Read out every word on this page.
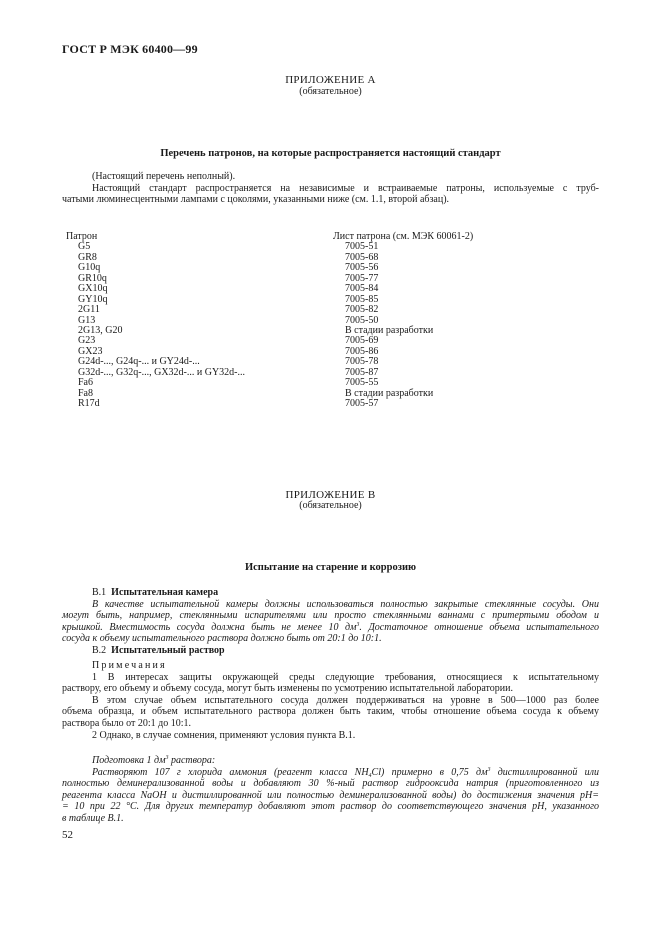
ГОСТ Р МЭК 60400—99
ПРИЛОЖЕНИЕ А
(обязательное)
Перечень патронов, на которые распространяется настоящий стандарт
(Настоящий перечень неполный).
Настоящий стандарт распространяется на независимые и встраиваемые патроны, используемые с труб-
чатыми люминесцентными лампами с цоколями, указанными ниже (см. 1.1, второй абзац).
Патрон
G5
GR8
G10q
GR10q
GX10q
GY10q
2G11
G13
2G13, G20
G23
GX23
G24d-..., G24q-... и GY24d-...
G32d-..., G32q-..., GX32d-... и GY32d-...
Fa6
Fa8
R17d
Лист патрона (см. МЭК 60061-2)
7005-51
7005-68
7005-56
7005-77
7005-84
7005-85
7005-82
7005-50
В стадии разработки
7005-69
7005-86
7005-78
7005-87
7005-55
В стадии разработки
7005-57
ПРИЛОЖЕНИЕ В
(обязательное)
Испытание на старение и коррозию
В.1 Испытательная камера
В качестве испытательной камеры должны использоваться полностью закрытые стеклянные сосуды. Они
могут быть, например, стеклянными испарителями или просто стеклянными ваннами с притертыми ободом и
крышкой. Вместимость сосуда должна быть не менее 10 $дм^3$. Достаточное отношение объема испытательного
сосуда к объему испытательного раствора должно быть от 20:1 до 10:1.
В.2 Испытательный раствор
Примечания
1 В интересах защиты окружающей среды следующие требования, относящиеся к испытательному
раствору, его объему и объему сосуда, могут быть изменены по усмотрению испытательной лаборатории.
В этом случае объем испытательного сосуда должен поддерживаться на уровне в 500—1000 раз более
объема образца, и объем испытательного раствора должен быть таким, чтобы отношение объема сосуда к объему
раствора было от 20:1 до 10:1.
2 Однако, в случае сомнения, применяют условия пункта В.1.
Подготовка 1 $дм^3$ раствора:
Растворяют 107 г хлорида аммония (реагент класса $NH_4Cl$) примерно в 0,75 $дм^3$ дистиллированной или
полностью деминерализованной воды и добавляют 30 %-ный раствор гидрооксида натрия (приготовленного из
реагента класса NaOH и дистиллированной или полностью деминерализованной воды) до достижения значения pH=
= 10 при 22 °С. Для других температур добавляют этот раствор до соответствующего значения pH, указанного
в таблице В.1.
52
